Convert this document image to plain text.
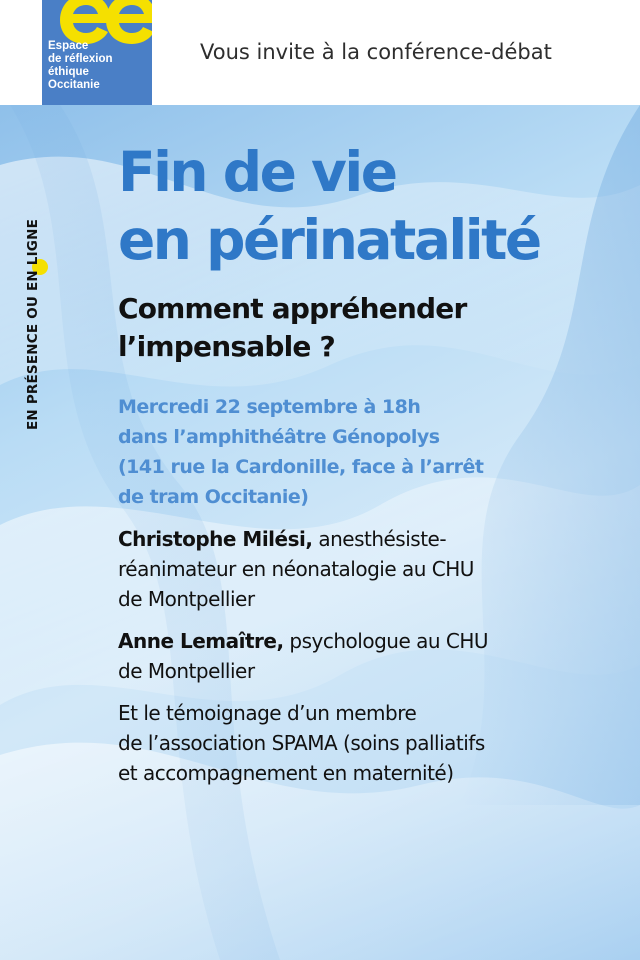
Espace
de réflexion
éthique
Occitanie
Vous invite à la conférence-débat
EN PRÉSENCE OU EN LIGNE
Fin de vie
en périnatalité
Comment appréhender
l’impensable ?
Mercredi 22 septembre à 18h
dans l’amphithéâtre Génopolys
(141 rue la Cardonille, face à l’arrêt
de tram Occitanie)
Christophe Milési, anesthésiste-
réanimateur en néonatalogie au CHU
de Montpellier
Anne Lemaître, psychologue au CHU
de Montpellier
Et le témoignage d’un membre
de l’association SPAMA (soins palliatifs
et accompagnement en maternité)
